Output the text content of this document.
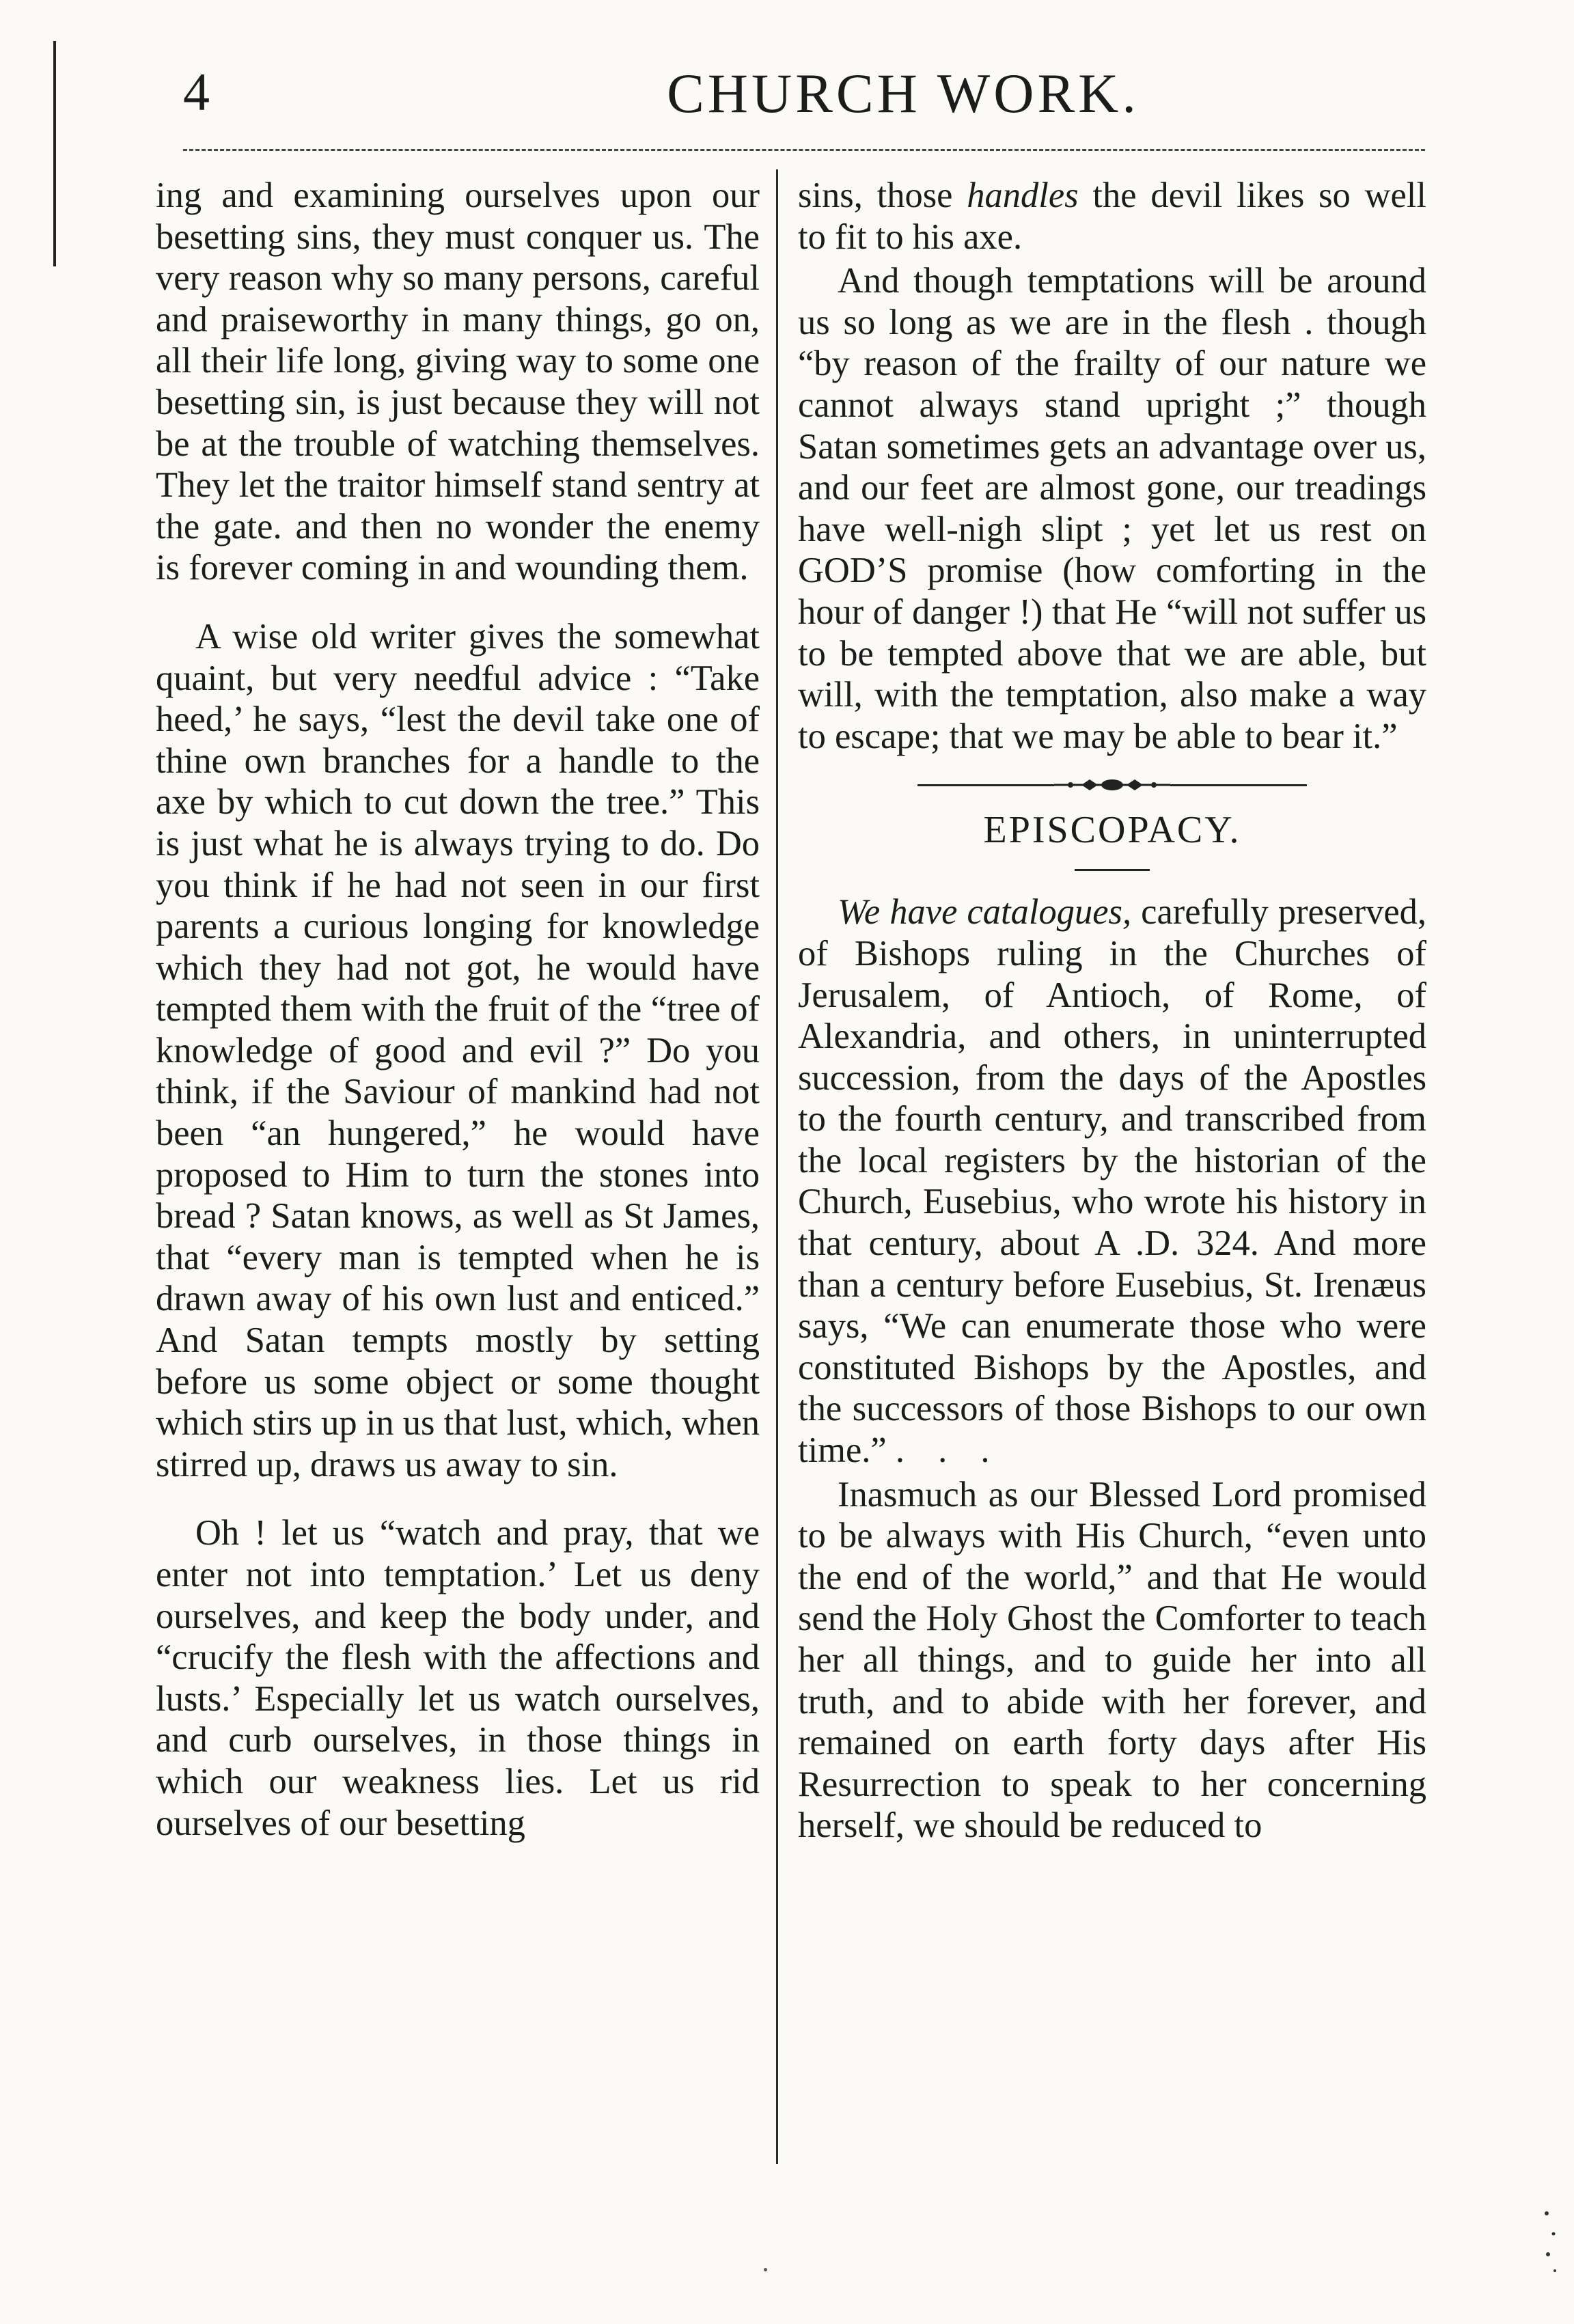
4	CHURCH WORK.

ing and examining ourselves upon our besetting sins, they must conquer us. The very reason why so many persons, careful and praiseworthy in many things, go on, all their life long, giving way to some one besetting sin, is just because they will not be at the trouble of watching themselves. They let the traitor himself stand sentry at the gate. and then no wonder the enemy is forever coming in and wounding them.

A wise old writer gives the somewhat quaint, but very needful advice : “Take heed,’ he says, “lest the devil take one of thine own branches for a handle to the axe by which to cut down the tree.” This is just what he is always trying to do. Do you think if he had not seen in our first parents a curious longing for knowledge which they had not got, he would have tempted them with the fruit of the “tree of knowledge of good and evil ?” Do you think, if the Saviour of mankind had not been “an hungered,” he would have proposed to Him to turn the stones into bread ? Satan knows, as well as St James, that “every man is tempted when he is drawn away of his own lust and enticed.” And Satan tempts mostly by setting before us some object or some thought which stirs up in us that lust, which, when stirred up, draws us away to sin.

Oh ! let us “watch and pray, that we enter not into temptation.’ Let us deny ourselves, and keep the body under, and “crucify the flesh with the affections and lusts.’ Especially let us watch ourselves, and curb ourselves, in those things in which our weakness lies. Let us rid ourselves of our besetting

sins, those handles the devil likes so well to fit to his axe.

And though temptations will be around us so long as we are in the flesh . though “by reason of the frailty of our nature we cannot always stand upright ;” though Satan sometimes gets an advantage over us, and our feet are almost gone, our treadings have well-nigh slipt ; yet let us rest on GOD’S promise (how comforting in the hour of danger !) that He “will not suffer us to be tempted above that we are able, but will, with the temptation, also make a way to escape; that we may be able to bear it.”

EPISCOPACY.

We have catalogues, carefully preserved, of Bishops ruling in the Churches of Jerusalem, of Antioch, of Rome, of Alexandria, and others, in uninterrupted succession, from the days of the Apostles to the fourth century, and transcribed from the local registers by the historian of the Church, Eusebius, who wrote his history in that century, about A .D. 324. And more than a century before Eusebius, St. Irenæus says, “We can enumerate those who were constituted Bishops by the Apostles, and the successors of those Bishops to our own time.” . . .

Inasmuch as our Blessed Lord promised to be always with His Church, “even unto the end of the world,” and that He would send the Holy Ghost the Comforter to teach her all things, and to guide her into all truth, and to abide with her forever, and remained on earth forty days after His Resurrection to speak to her concerning herself, we should be reduced to
